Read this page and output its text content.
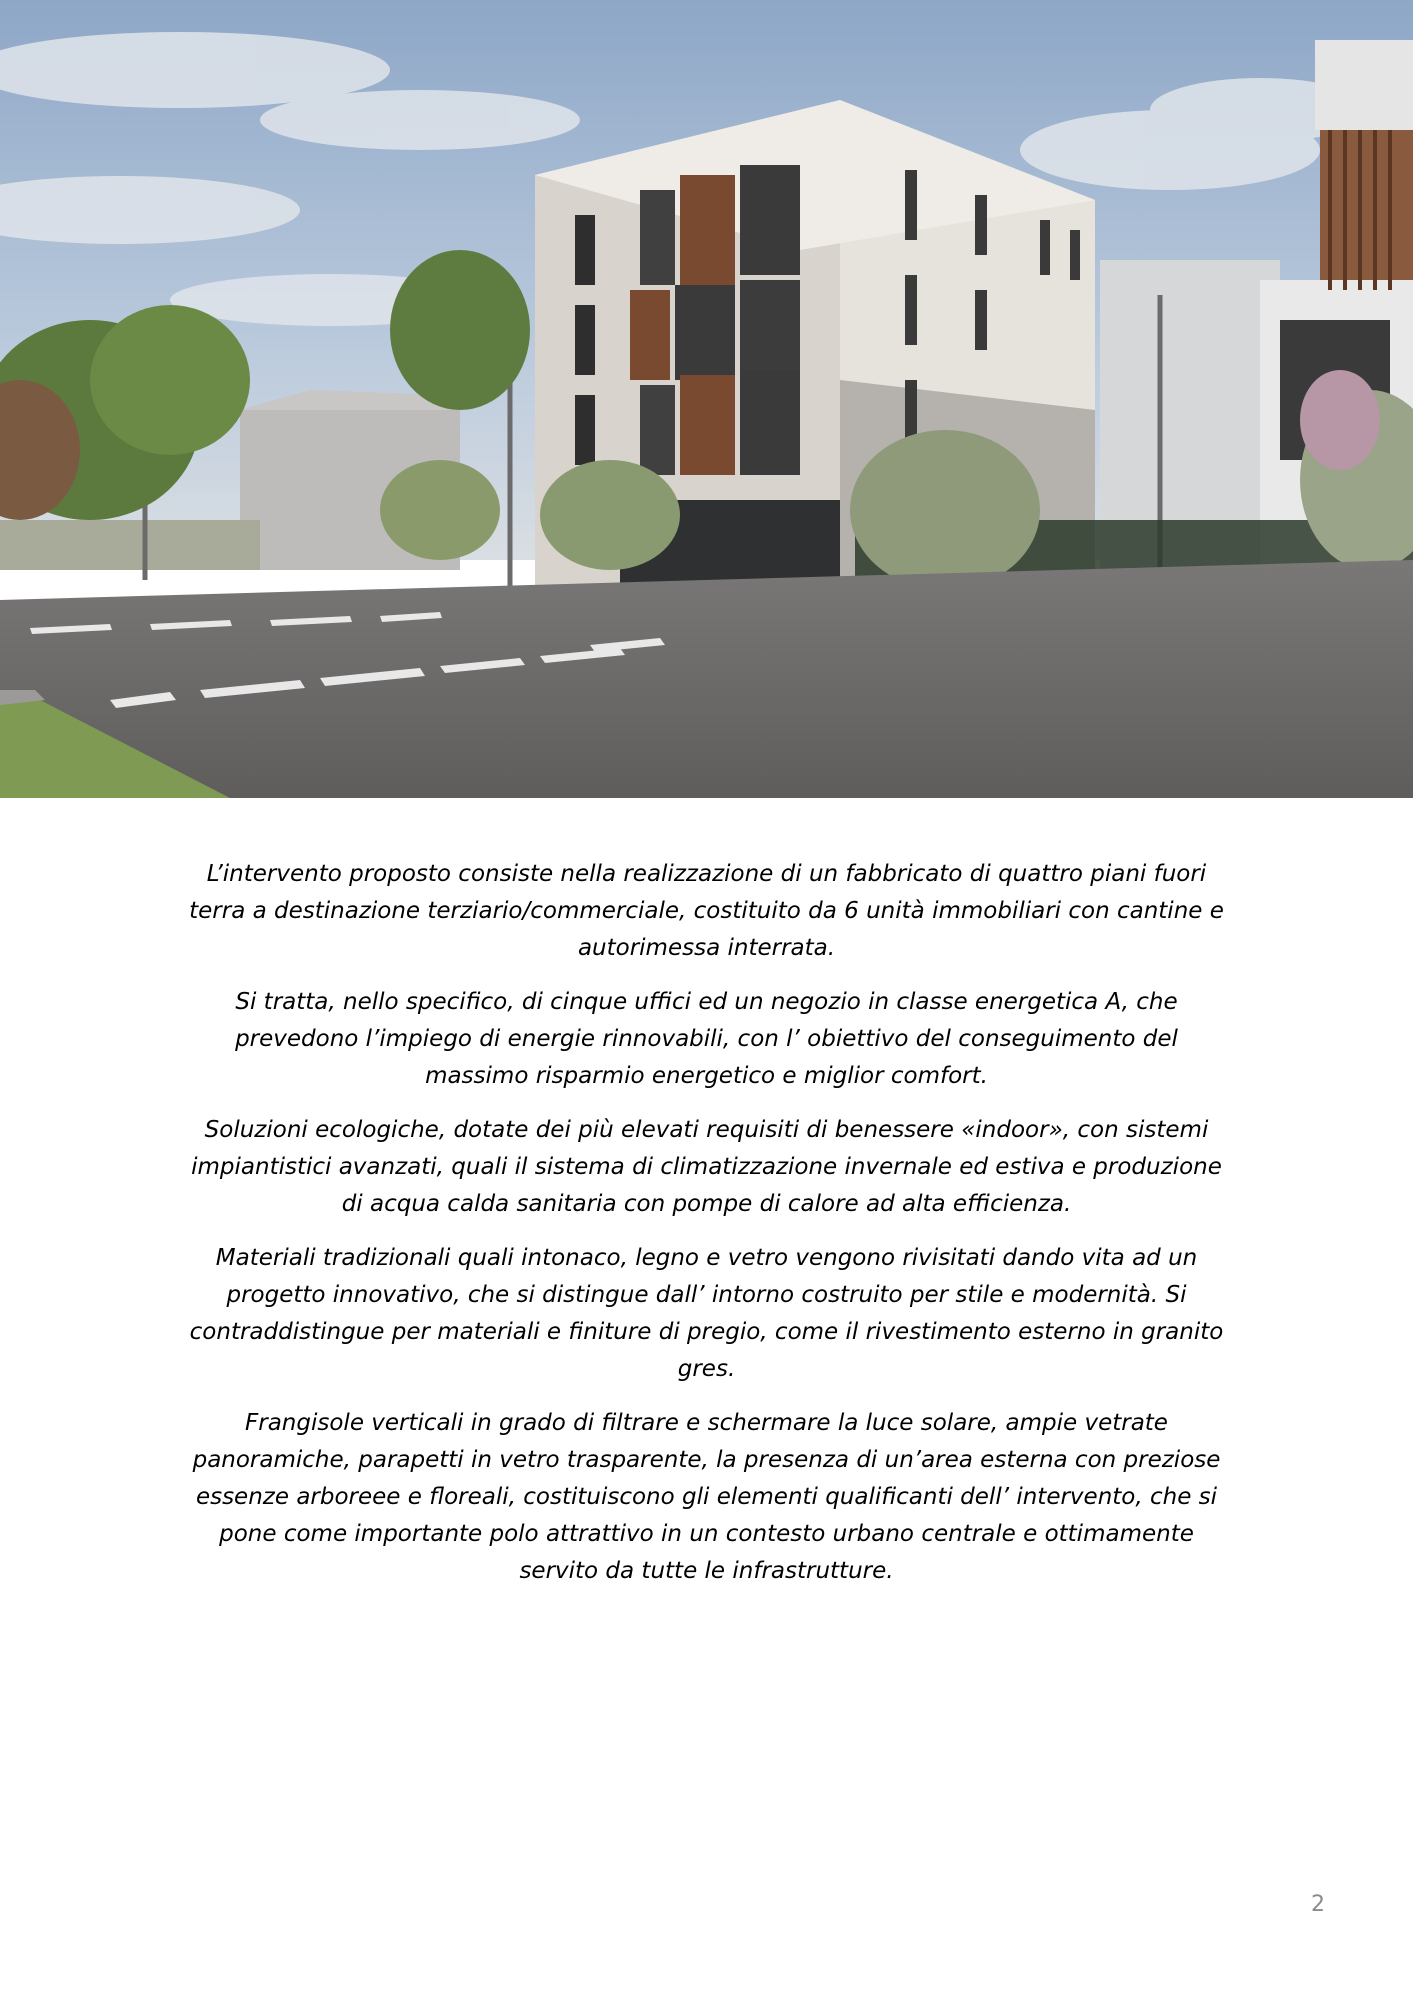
L’intervento proposto consiste nella realizzazione di un fabbricato di quattro piani fuori terra a destinazione terziario/commerciale, costituito da 6 unità immobiliari con cantine e autorimessa interrata.

Si tratta, nello specifico, di cinque uffici ed un negozio in classe energetica A, che prevedono l’impiego di energie rinnovabili, con l’ obiettivo del conseguimento del massimo risparmio energetico e miglior comfort.

Soluzioni ecologiche, dotate dei più elevati requisiti di benessere «indoor», con sistemi impiantistici avanzati, quali il sistema di climatizzazione invernale ed estiva e produzione di acqua calda sanitaria con pompe di calore ad alta efficienza.

Materiali tradizionali quali intonaco, legno e vetro vengono rivisitati dando vita ad un progetto innovativo, che si distingue dall’ intorno costruito per stile e modernità. Si contraddistingue per materiali e finiture di pregio, come il rivestimento esterno in granito gres.

Frangisole verticali in grado di filtrare e schermare la luce solare, ampie vetrate panoramiche, parapetti in vetro trasparente, la presenza di un’area esterna con preziose essenze arboreee e floreali, costituiscono gli elementi qualificanti dell’ intervento, che si pone come importante polo attrattivo in un contesto urbano centrale e ottimamente servito da tutte le infrastrutture.

2
